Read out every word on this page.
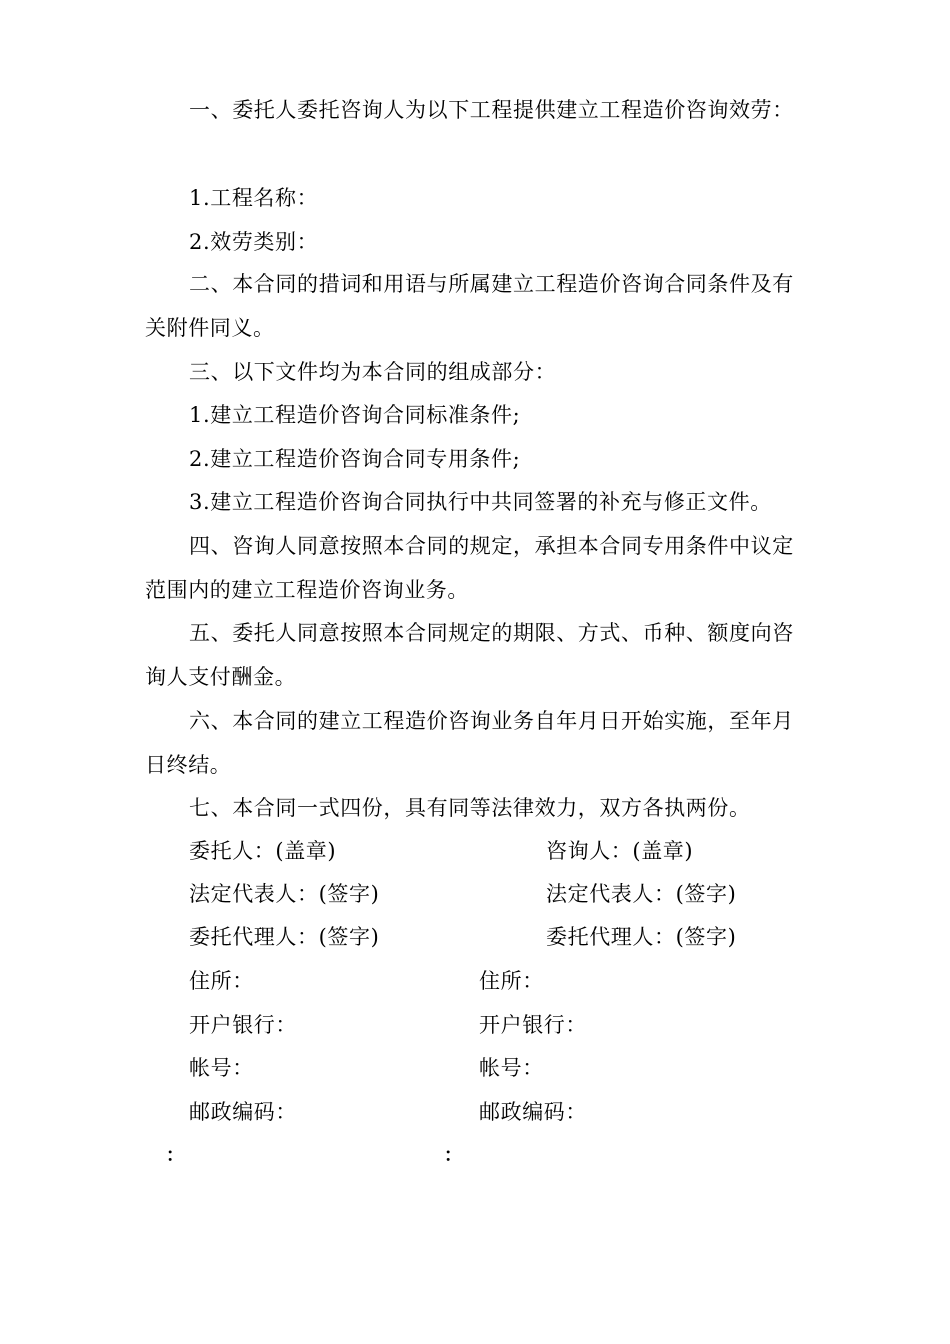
一、委托人委托咨询人为以下工程提供建立工程造价咨询效劳：

1.工程名称：
2.效劳类别：

二、本合同的措词和用语与所属建立工程造价咨询合同条件及有关附件同义。

三、以下文件均为本合同的组成部分：
1.建立工程造价咨询合同标准条件;
2.建立工程造价咨询合同专用条件;
3.建立工程造价咨询合同执行中共同签署的补充与修正文件。

四、咨询人同意按照本合同的规定，承担本合同专用条件中议定范围内的建立工程造价咨询业务。

五、委托人同意按照本合同规定的期限、方式、币种、额度向咨询人支付酬金。

六、本合同的建立工程造价咨询业务自年月日开始实施，至年月日终结。

七、本合同一式四份，具有同等法律效力，双方各执两份。
委托人：(盖章)
法定代表人：(签字)
委托代理人：(签字)
住所：
开户银行：
帐号：
邮政编码：
：
咨询人：(盖章)
法定代表人：(签字)
委托代理人：(签字)
住所：
开户银行：
帐号：
邮政编码：
：
